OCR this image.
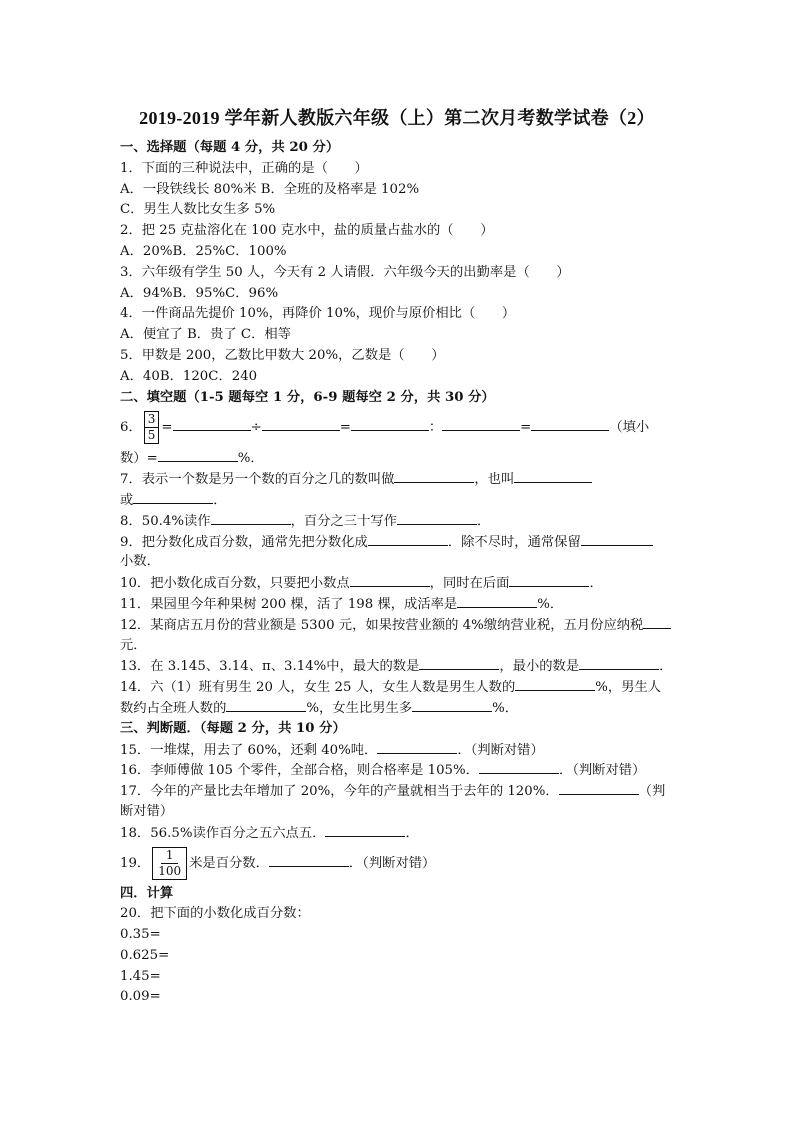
2019-2019 学年新人教版六年级（上）第二次月考数学试卷（2）
一、选择题（每题 4 分，共 20 分）
1．下面的三种说法中，正确的是（　　）
A．一段铁线长 80%米 B．全班的及格率是 102%
C．男生人数比女生多 5%
2．把 25 克盐溶化在 100 克水中，盐的质量占盐水的（　　）
A．20%B．25%C．100%
3．六年级有学生 50 人，今天有 2 人请假．六年级今天的出勤率是（　　）
A．94%B．95%C．96%
4．一件商品先提价 10%，再降价 10%，现价与原价相比（　　）
A．便宜了 B．贵了 C．相等
5．甲数是 200，乙数比甲数大 20%，乙数是（　　）
A．40B．120C．240
二、填空题（1-5 题每空 1 分，6-9 题每空 2 分，共 30 分）
6． $\frac{3}{5}$ =	÷	=	：	=	（填小
数）=	%．
7．表示一个数是另一个数的百分之几的数叫做	，也叫
或	．
8．50.4%读作	，百分之三十写作	．
9．把分数化成百分数，通常先把分数化成	．除不尽时，通常保留
小数．
10．把小数化成百分数，只要把小数点	，同时在后面	．
11．果园里今年种果树 200 棵，活了 198 棵，成活率是	%．
12．某商店五月份的营业额是 5300 元，如果按营业额的 4%缴纳营业税，五月份应纳税
元．
13．在 3.145、3.14、π、3.14%中，最大的数是	，最小的数是	．
14．六（1）班有男生 20 人，女生 25 人，女生人数是男生人数的	%，男生人
数约占全班人数的	%，女生比男生多	%．
三、判断题．（每题 2 分，共 10 分）
15．一堆煤，用去了 60%，还剩 40%吨．	．（判断对错）
16．李师傅做 105 个零件，全部合格，则合格率是 105%．	．（判断对错）
17．今年的产量比去年增加了 20%，今年的产量就相当于去年的 120%．	（判
断对错）
18．56.5%读作百分之五六点五．	．
19． $\frac{1}{100}$ 米是百分数．	．（判断对错）
四．计算
20．把下面的小数化成百分数：
0.35=
0.625=
1.45=
0.09=
